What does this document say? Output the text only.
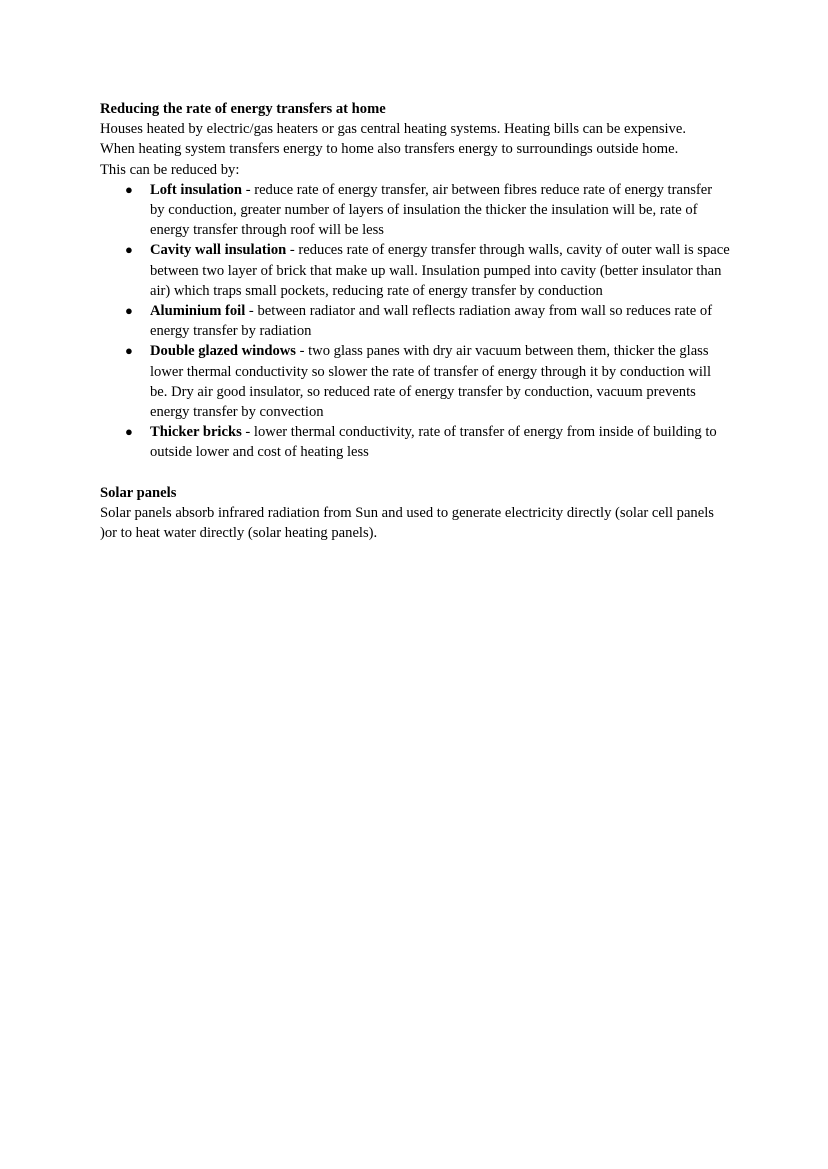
Reducing the rate of energy transfers at home

Houses heated by electric/gas heaters or gas central heating systems. Heating bills can be expensive.

When heating system transfers energy to home also transfers energy to surroundings outside home.

This can be reduced by:

● Loft insulation - reduce rate of energy transfer, air between fibres reduce rate of energy transfer by conduction, greater number of layers of insulation the thicker the insulation will be, rate of energy transfer through roof will be less
● Cavity wall insulation - reduces rate of energy transfer through walls, cavity of outer wall is space between two layer of brick that make up wall. Insulation pumped into cavity (better insulator than air) which traps small pockets, reducing rate of energy transfer by conduction
● Aluminium foil - between radiator and wall reflects radiation away from wall so reduces rate of energy transfer by radiation
● Double glazed windows - two glass panes with dry air vacuum between them, thicker the glass lower thermal conductivity so slower the rate of transfer of energy through it by conduction will be. Dry air good insulator, so reduced rate of energy transfer by conduction, vacuum prevents energy transfer by convection
● Thicker bricks - lower thermal conductivity, rate of transfer of energy from inside of building to outside lower and cost of heating less
Solar panels

Solar panels absorb infrared radiation from Sun and used to generate electricity directly (solar cell panels )or to heat water directly (solar heating panels).
